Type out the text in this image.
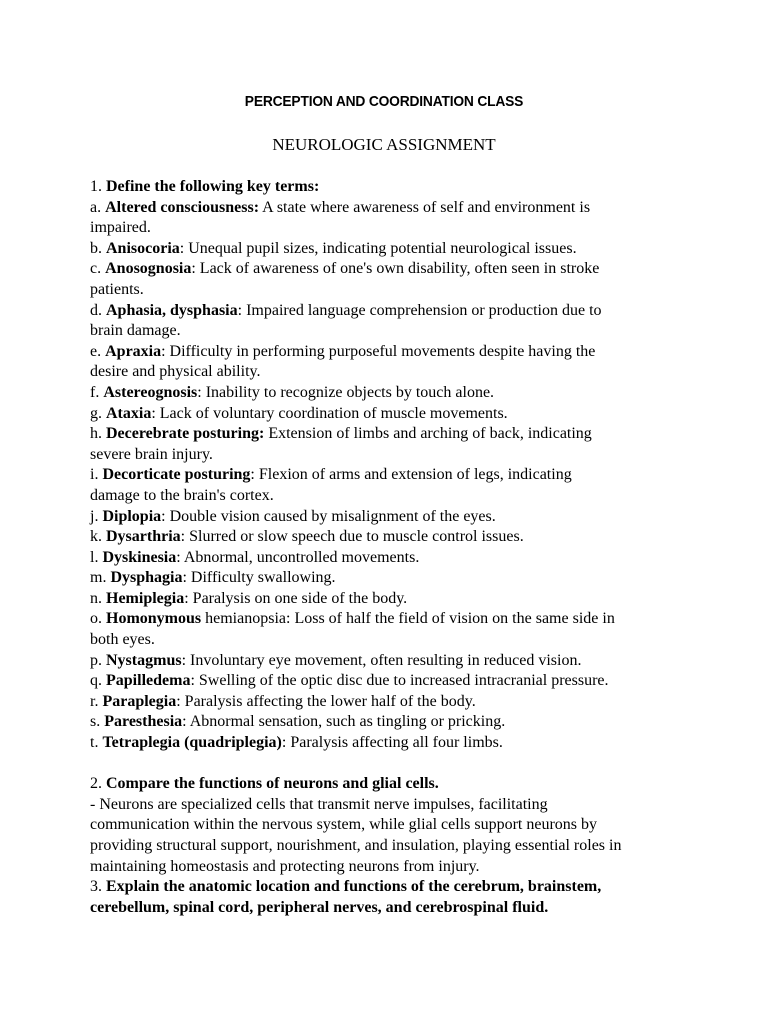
PERCEPTION AND COORDINATION CLASS
NEUROLOGIC ASSIGNMENT
1. Define the following key terms:
a. Altered consciousness: A state where awareness of self and environment is
impaired.
b. Anisocoria: Unequal pupil sizes, indicating potential neurological issues.
c. Anosognosia: Lack of awareness of one's own disability, often seen in stroke
patients.
d. Aphasia, dysphasia: Impaired language comprehension or production due to
brain damage.
e. Apraxia: Difficulty in performing purposeful movements despite having the
desire and physical ability.
f. Astereognosis: Inability to recognize objects by touch alone.
g. Ataxia: Lack of voluntary coordination of muscle movements.
h. Decerebrate posturing: Extension of limbs and arching of back, indicating
severe brain injury.
i. Decorticate posturing: Flexion of arms and extension of legs, indicating
damage to the brain's cortex.
j. Diplopia: Double vision caused by misalignment of the eyes.
k. Dysarthria: Slurred or slow speech due to muscle control issues.
l. Dyskinesia: Abnormal, uncontrolled movements.
m. Dysphagia: Difficulty swallowing.
n. Hemiplegia: Paralysis on one side of the body.
o. Homonymous hemianopsia: Loss of half the field of vision on the same side in
both eyes.
p. Nystagmus: Involuntary eye movement, often resulting in reduced vision.
q. Papilledema: Swelling of the optic disc due to increased intracranial pressure.
r. Paraplegia: Paralysis affecting the lower half of the body.
s. Paresthesia: Abnormal sensation, such as tingling or pricking.
t. Tetraplegia (quadriplegia): Paralysis affecting all four limbs.
2. Compare the functions of neurons and glial cells.
- Neurons are specialized cells that transmit nerve impulses, facilitating
communication within the nervous system, while glial cells support neurons by
providing structural support, nourishment, and insulation, playing essential roles in
maintaining homeostasis and protecting neurons from injury.
3. Explain the anatomic location and functions of the cerebrum, brainstem,
cerebellum, spinal cord, peripheral nerves, and cerebrospinal fluid.
